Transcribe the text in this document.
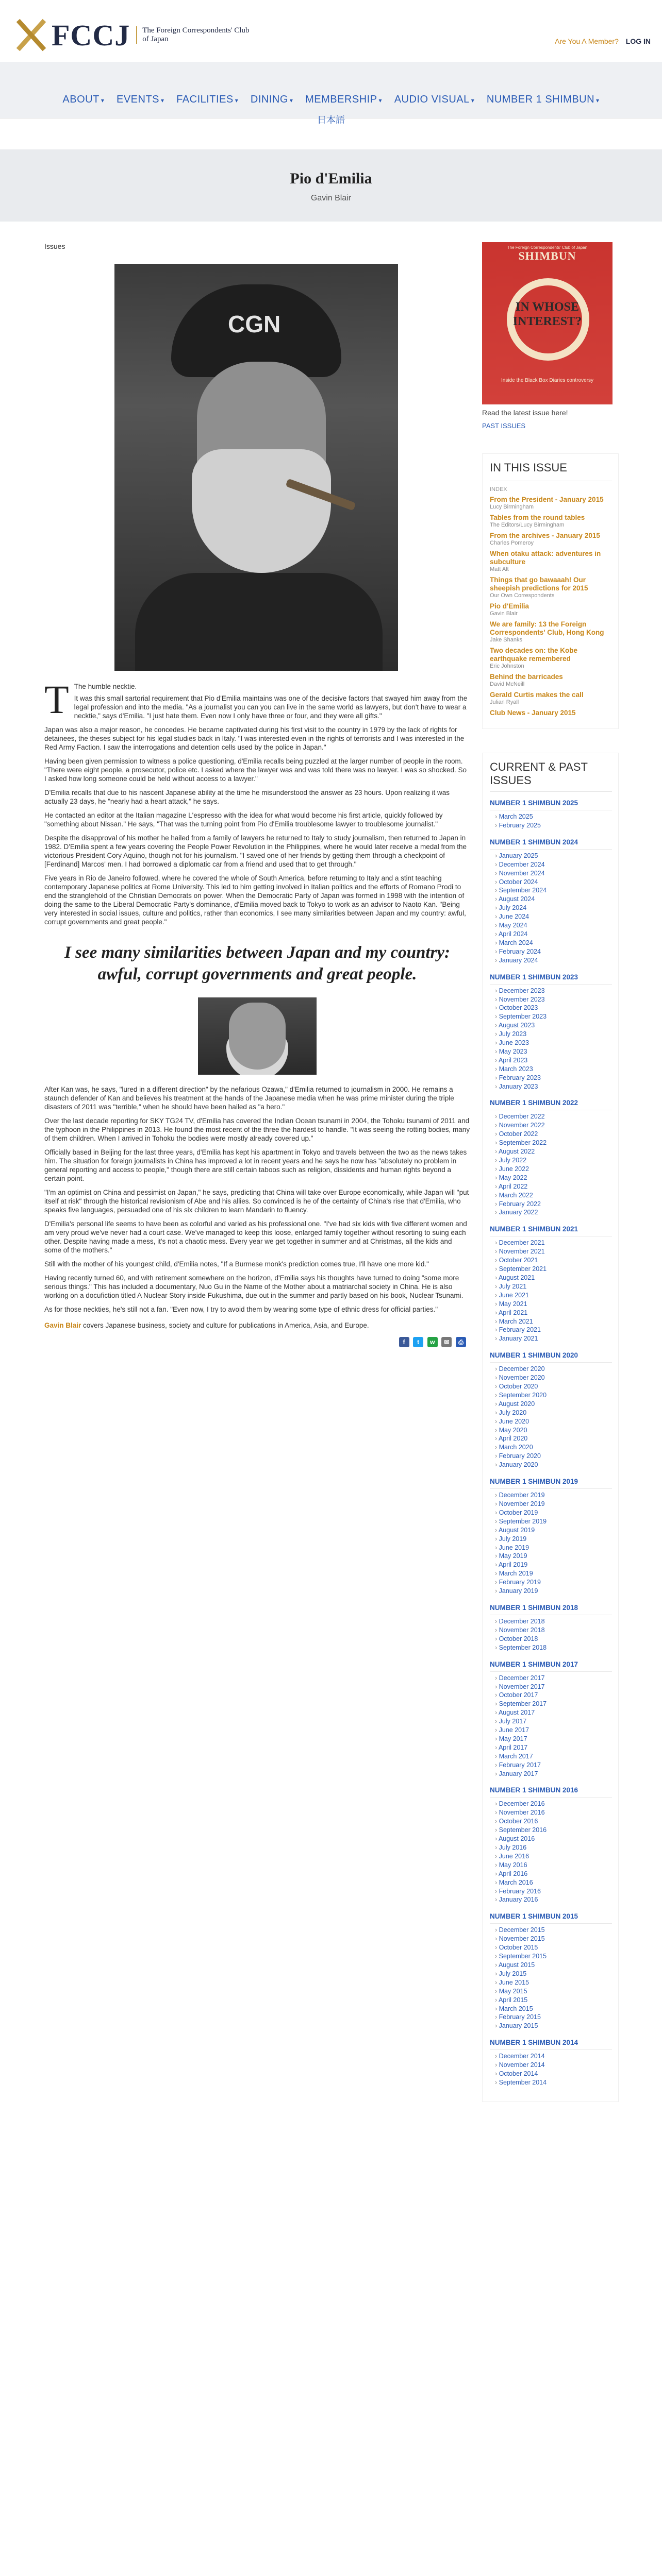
FCCJ The Foreign Correspondents' Club
of Japan	Are You A Member? LOG IN
ABOUT ▾ EVENTS ▾ FACILITIES ▾ DINING ▾ MEMBERSHIP ▾ AUDIO VISUAL ▾ NUMBER 1 SHIMBUN ▾
日本語
Pio d'Emilia
Gavin Blair
Issues
CGN
T The humble necktie.

It was this small sartorial requirement that Pio d'Emilia maintains was one of the decisive factors that swayed him away from the legal profession and into the media. "As a journalist you can you can live in the same world as lawyers, but don't have to wear a necktie," says d'Emilia. "I just hate them. Even now I only have three or four, and they were all gifts."

Japan was also a major reason, he concedes. He became captivated during his first visit to the country in 1979 by the lack of rights for detainees, the theses subject for his legal studies back in Italy. "I was interested even in the rights of terrorists and I was interested in the Red Army Faction. I saw the interrogations and detention cells used by the police in Japan."

Having been given permission to witness a police questioning, d'Emilia recalls being puzzled at the larger number of people in the room. "There were eight people, a prosecutor, police etc. I asked where the lawyer was and was told there was no lawyer. I was so shocked. So I asked how long someone could be held without access to a lawyer."

D'Emilia recalls that due to his nascent Japanese ability at the time he misunderstood the answer as 23 hours. Upon realizing it was actually 23 days, he "nearly had a heart attack," he says.

He contacted an editor at the Italian magazine L'espresso with the idea for what would become his first article, quickly followed by "something about Nissan." He says, "That was the turning point from Pio d'Emilia troublesome lawyer to troublesome journalist."

Despite the disapproval of his mother he hailed from a family of lawyers he returned to Italy to study journalism, then returned to Japan in 1982. D'Emilia spent a few years covering the People Power Revolution in the Philippines, where he would later receive a medal from the victorious President Cory Aquino, though not for his journalism. "I saved one of her friends by getting them through a checkpoint of [Ferdinand] Marcos' men. I had borrowed a diplomatic car from a friend and used that to get through."

Five years in Rio de Janeiro followed, where he covered the whole of South America, before returning to Italy and a stint teaching contemporary Japanese politics at Rome University. This led to him getting involved in Italian politics and the efforts of Romano Prodi to end the stranglehold of the Christian Democrats on power. When the Democratic Party of Japan was formed in 1998 with the intention of doing the same to the Liberal Democratic Party's dominance, d'Emilia moved back to Tokyo to work as an advisor to Naoto Kan. "Being very interested in social issues, culture and politics, rather than economics, I see many similarities between Japan and my country: awful, corrupt governments and great people."

I see many similarities between Japan and my country: awful, corrupt governments and great people.

After Kan was, he says, "lured in a different direction" by the nefarious Ozawa," d'Emilia returned to journalism in 2000. He remains a staunch defender of Kan and believes his treatment at the hands of the Japanese media when he was prime minister during the triple disasters of 2011 was "terrible," when he should have been hailed as "a hero."

Over the last decade reporting for SKY TG24 TV, d'Emilia has covered the Indian Ocean tsunami in 2004, the Tohoku tsunami of 2011 and the typhoon in the Philippines in 2013. He found the most recent of the three the hardest to handle. "It was seeing the rotting bodies, many of them children. When I arrived in Tohoku the bodies were mostly already covered up."

Officially based in Beijing for the last three years, d'Emilia has kept his apartment in Tokyo and travels between the two as the news takes him. The situation for foreign journalists in China has improved a lot in recent years and he says he now has "absolutely no problem in general reporting and access to people," though there are still certain taboos such as religion, dissidents and human rights beyond a certain point.

"I'm an optimist on China and pessimist on Japan," he says, predicting that China will take over Europe economically, while Japan will "put itself at risk" through the historical revisionism of Abe and his allies. So convinced is he of the certainty of China's rise that d'Emilia, who speaks five languages, persuaded one of his six children to learn Mandarin to fluency.

D'Emilia's personal life seems to have been as colorful and varied as his professional one. "I've had six kids with five different women and am very proud we've never had a court case. We've managed to keep this loose, enlarged family together without resorting to suing each other. Despite having made a mess, it's not a chaotic mess. Every year we get together in summer and at Christmas, all the kids and some of the mothers."

Still with the mother of his youngest child, d'Emilia notes, "If a Burmese monk's prediction comes true, I'll have one more kid."

Having recently turned 60, and with retirement somewhere on the horizon, d'Emilia says his thoughts have turned to doing "some more serious things." This has included a documentary, Nuo Gu in the Name of the Mother about a matriarchal society in China. He is also working on a docufiction titled A Nuclear Story inside Fukushima, due out in the summer and partly based on his book, Nuclear Tsunami.

As for those neckties, he's still not a fan. "Even now, I try to avoid them by wearing some type of ethnic dress for official parties."

Gavin Blair covers Japanese business, society and culture for publications in America, Asia, and Europe.
f t w ✉ ⎙
The Foreign Correspondents' Club of Japan
SHIMBUN
IN WHOSE INTEREST?
Inside the Black Box Diaries controversy
Read the latest issue here!
PAST ISSUES
IN THIS ISSUE
INDEX
From the President - January 2015
Lucy Birmingham
Tables from the round tables
The Editors/Lucy Birmingham
From the archives - January 2015
Charles Pomeroy
When otaku attack: adventures in subculture
Matt Alt
Things that go bawaaah! Our sheepish predictions for 2015
Our Own Correspondents
Pio d'Emilia
Gavin Blair
We are family: 13 the Foreign Correspondents' Club, Hong Kong
Jake Shanks
Two decades on: the Kobe earthquake remembered
Eric Johnston
Behind the barricades
David McNeill
Gerald Curtis makes the call
Julian Ryall
Club News - January 2015
CURRENT & PAST ISSUES
NUMBER 1 SHIMBUN 2025
› March 2025
› February 2025
NUMBER 1 SHIMBUN 2024
› January 2025
› December 2024
› November 2024
› October 2024
› September 2024
› August 2024
› July 2024
› June 2024
› May 2024
› April 2024
› March 2024
› February 2024
› January 2024
NUMBER 1 SHIMBUN 2023
› December 2023
› November 2023
› October 2023
› September 2023
› August 2023
› July 2023
› June 2023
› May 2023
› April 2023
› March 2023
› February 2023
› January 2023
NUMBER 1 SHIMBUN 2022
› December 2022
› November 2022
› October 2022
› September 2022
› August 2022
› July 2022
› June 2022
› May 2022
› April 2022
› March 2022
› February 2022
› January 2022
NUMBER 1 SHIMBUN 2021
› December 2021
› November 2021
› October 2021
› September 2021
› August 2021
› July 2021
› June 2021
› May 2021
› April 2021
› March 2021
› February 2021
› January 2021
NUMBER 1 SHIMBUN 2020
› December 2020
› November 2020
› October 2020
› September 2020
› August 2020
› July 2020
› June 2020
› May 2020
› April 2020
› March 2020
› February 2020
› January 2020
NUMBER 1 SHIMBUN 2019
› December 2019
› November 2019
› October 2019
› September 2019
› August 2019
› July 2019
› June 2019
› May 2019
› April 2019
› March 2019
› February 2019
› January 2019
NUMBER 1 SHIMBUN 2018
› December 2018
› November 2018
› October 2018
› September 2018
NUMBER 1 SHIMBUN 2017
› December 2017
› November 2017
› October 2017
› September 2017
› August 2017
› July 2017
› June 2017
› May 2017
› April 2017
› March 2017
› February 2017
› January 2017
NUMBER 1 SHIMBUN 2016
› December 2016
› November 2016
› October 2016
› September 2016
› August 2016
› July 2016
› June 2016
› May 2016
› April 2016
› March 2016
› February 2016
› January 2016
NUMBER 1 SHIMBUN 2015
› December 2015
› November 2015
› October 2015
› September 2015
› August 2015
› July 2015
› June 2015
› May 2015
› April 2015
› March 2015
› February 2015
› January 2015
NUMBER 1 SHIMBUN 2014
› December 2014
› November 2014
› October 2014
› September 2014
